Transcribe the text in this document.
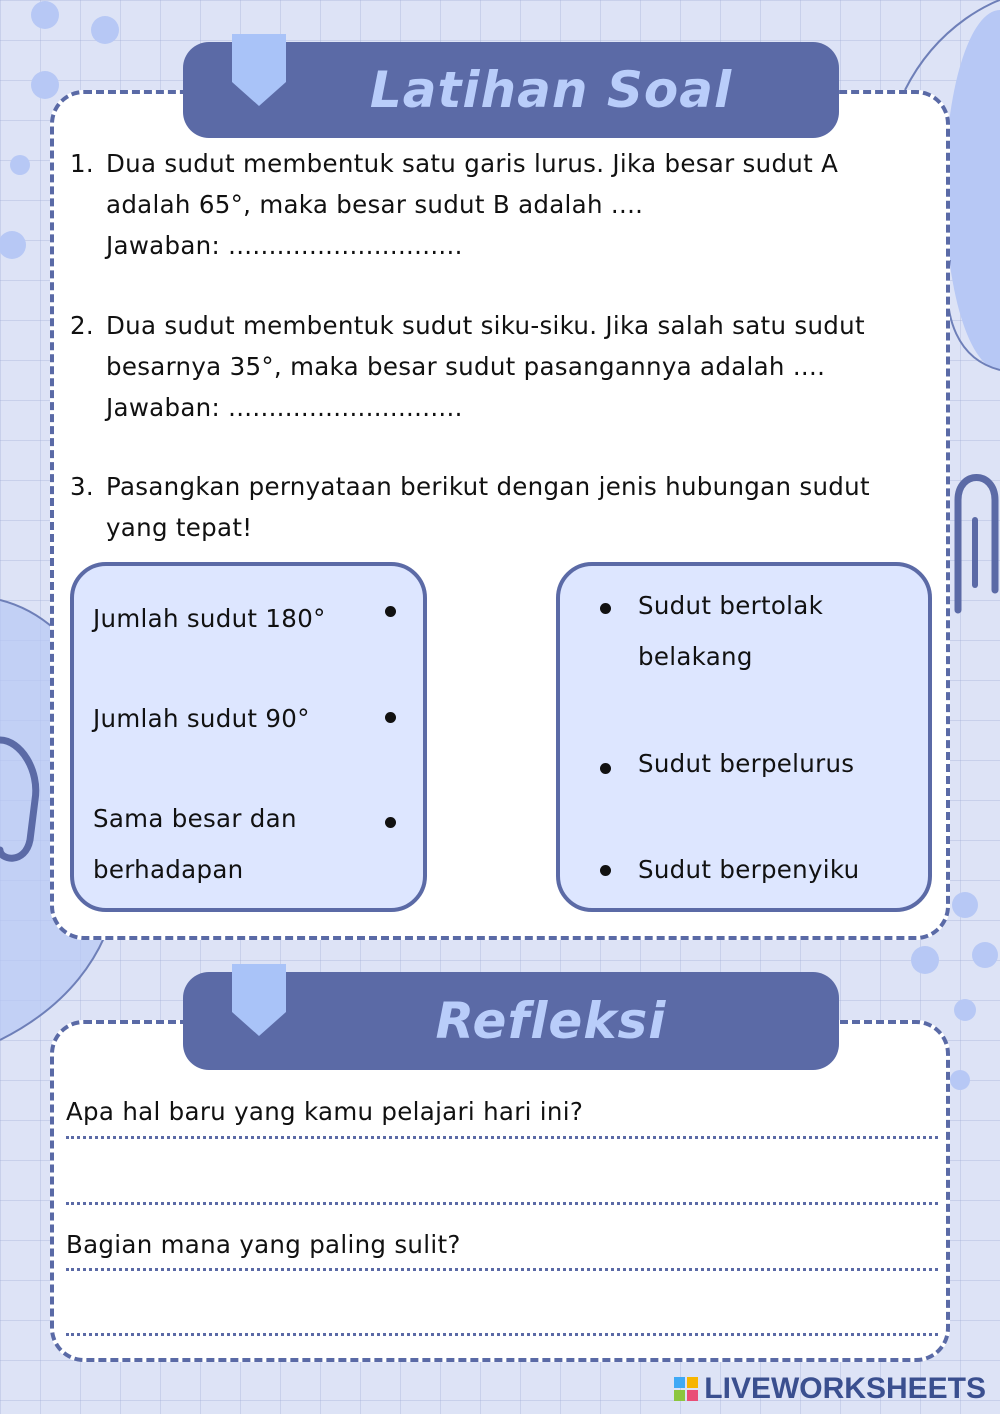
Latihan Soal
1. Dua sudut membentuk satu garis lurus. Jika besar sudut A
adalah 65°, maka besar sudut B adalah ....
Jawaban: .............................
2. Dua sudut membentuk sudut siku-siku. Jika salah satu sudut
besarnya 35°, maka besar sudut pasangannya adalah ....
Jawaban: .............................
3. Pasangkan pernyataan berikut dengan jenis hubungan sudut
yang tepat!
Jumlah sudut 180°
Jumlah sudut 90°
Sama besar dan
berhadapan
Sudut bertolak
belakang
Sudut berpelurus
Sudut berpenyiku
Refleksi
Apa hal baru yang kamu pelajari hari ini?
Bagian mana yang paling sulit?
LIVEWORKSHEETS
